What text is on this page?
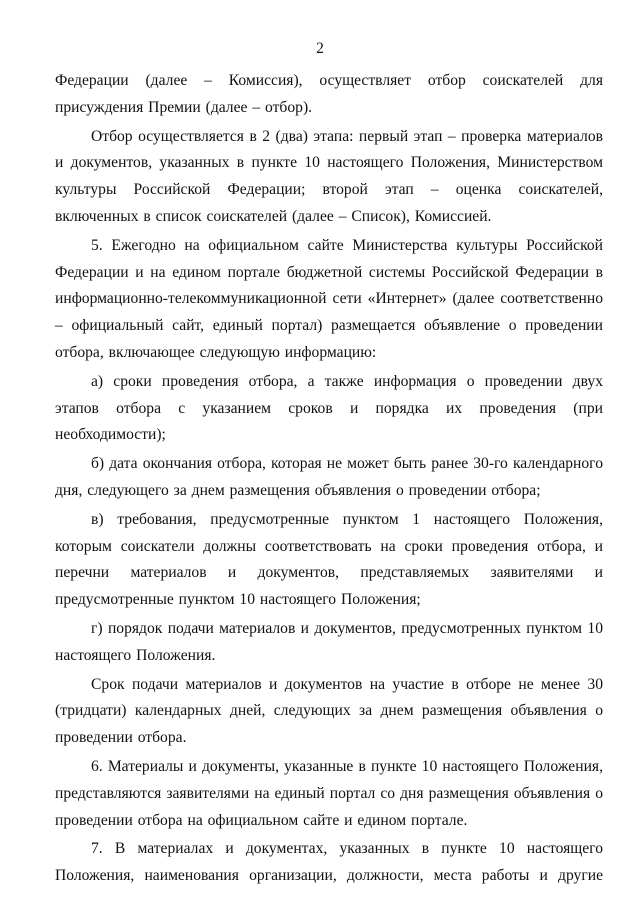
2

Федерации (далее – Комиссия), осуществляет отбор соискателей для присуждения Премии (далее – отбор).

Отбор осуществляется в 2 (два) этапа: первый этап – проверка материалов и документов, указанных в пункте 10 настоящего Положения, Министерством культуры Российской Федерации; второй этап – оценка соискателей, включенных в список соискателей (далее – Список), Комиссией.

5. Ежегодно на официальном сайте Министерства культуры Российской Федерации и на едином портале бюджетной системы Российской Федерации в информационно-телекоммуникационной сети «Интернет» (далее соответственно – официальный сайт, единый портал) размещается объявление о проведении отбора, включающее следующую информацию:

а) сроки проведения отбора, а также информация о проведении двух этапов отбора с указанием сроков и порядка их проведения (при необходимости);

б) дата окончания отбора, которая не может быть ранее 30-го календарного дня, следующего за днем размещения объявления о проведении отбора;

в) требования, предусмотренные пунктом 1 настоящего Положения, которым соискатели должны соответствовать на сроки проведения отбора, и перечни материалов и документов, представляемых заявителями и предусмотренные пунктом 10 настоящего Положения;

г) порядок подачи материалов и документов, предусмотренных пунктом 10 настоящего Положения.

Срок подачи материалов и документов на участие в отборе не менее 30 (тридцати) календарных дней, следующих за днем размещения объявления о проведении отбора.

6. Материалы и документы, указанные в пункте 10 настоящего Положения, представляются заявителями на единый портал со дня размещения объявления о проведении отбора на официальном сайте и едином портале.

7. В материалах и документах, указанных в пункте 10 настоящего Положения, наименования организации, должности, места работы и другие
